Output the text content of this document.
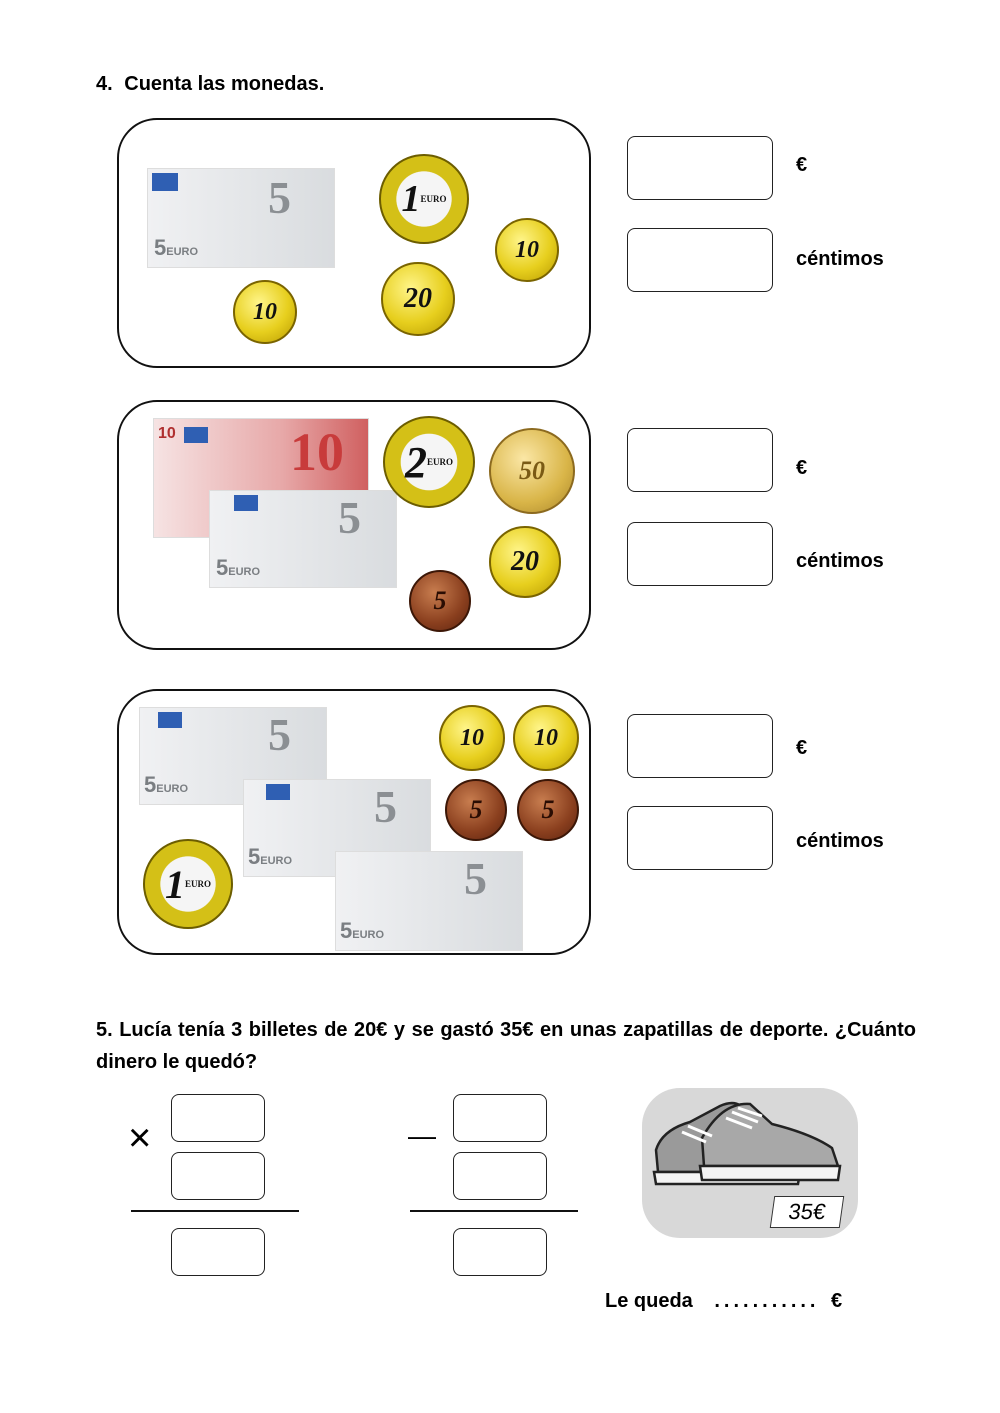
4. Cuenta las monedas.
5
5EURO
1 EURO
10
20
10
€
céntimos
10 10
5
5EURO
2 EURO	50
20
5
€
céntimos
5
5EURO	5
5EURO	5
5EURO
10 10
5 5
1 EURO
€
céntimos
5. Lucía tenía 3 billetes de 20€ y se gastó 35€ en unas zapatillas de deporte. ¿Cuánto dinero le quedó?
×	—
35€
Le queda ........... €
